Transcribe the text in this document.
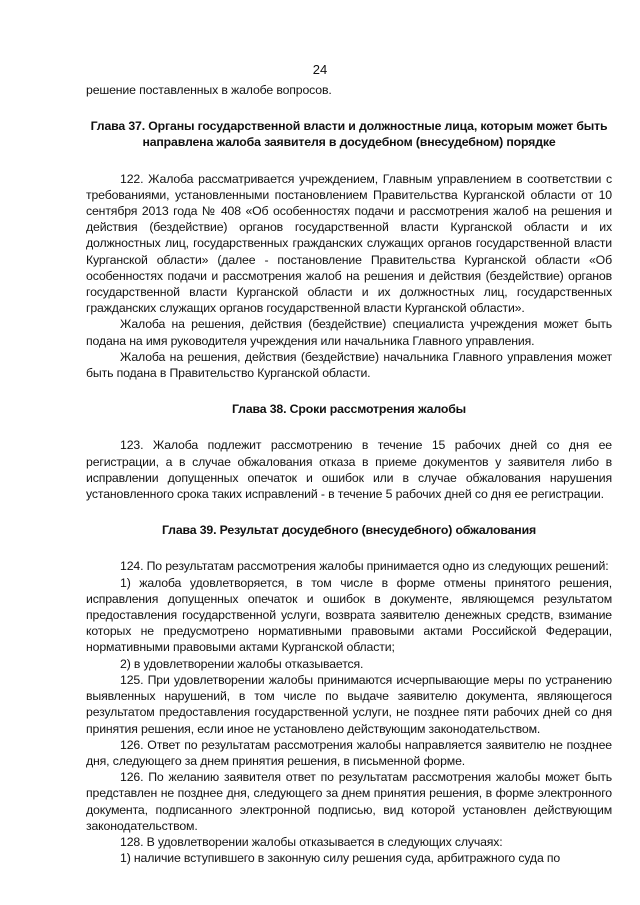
24

решение поставленных в жалобе вопросов.

Глава 37. Органы государственной власти и должностные лица, которым может быть направлена жалоба заявителя в досудебном (внесудебном) порядке

122. Жалоба рассматривается учреждением, Главным управлением в соответствии с требованиями, установленными постановлением Правительства Курганской области от 10 сентября 2013 года № 408 «Об особенностях подачи и рассмотрения жалоб на решения и действия (бездействие) органов государственной власти Курганской области и их должностных лиц, государственных гражданских служащих органов государственной власти Курганской области» (далее - постановление Правительства Курганской области «Об особенностях подачи и рассмотрения жалоб на решения и действия (бездействие) органов государственной власти Курганской области и их должностных лиц, государственных гражданских служащих органов государственной власти Курганской области».

Жалоба на решения, действия (бездействие) специалиста учреждения может быть подана на имя руководителя учреждения или начальника Главного управления.

Жалоба на решения, действия (бездействие) начальника Главного управления может быть подана в Правительство Курганской области.

Глава 38. Сроки рассмотрения жалобы

123. Жалоба подлежит рассмотрению в течение 15 рабочих дней со дня ее регистрации, а в случае обжалования отказа в приеме документов у заявителя либо в исправлении допущенных опечаток и ошибок или в случае обжалования нарушения установленного срока таких исправлений - в течение 5 рабочих дней со дня ее регистрации.

Глава 39. Результат досудебного (внесудебного) обжалования

124. По результатам рассмотрения жалобы принимается одно из следующих решений:

1) жалоба удовлетворяется, в том числе в форме отмены принятого решения, исправления допущенных опечаток и ошибок в документе, являющемся результатом предоставления государственной услуги, возврата заявителю денежных средств, взимание которых не предусмотрено нормативными правовыми актами Российской Федерации, нормативными правовыми актами Курганской области;

2) в удовлетворении жалобы отказывается.

125. При удовлетворении жалобы принимаются исчерпывающие меры по устранению выявленных нарушений, в том числе по выдаче заявителю документа, являющегося результатом предоставления государственной услуги, не позднее пяти рабочих дней со дня принятия решения, если иное не установлено действующим законодательством.

126. Ответ по результатам рассмотрения жалобы направляется заявителю не позднее дня, следующего за днем принятия решения, в письменной форме.

126. По желанию заявителя ответ по результатам рассмотрения жалобы может быть представлен не позднее дня, следующего за днем принятия решения, в форме электронного документа, подписанного электронной подписью, вид которой установлен действующим законодательством.

128. В удовлетворении жалобы отказывается в следующих случаях:

1) наличие вступившего в законную силу решения суда, арбитражного суда по
